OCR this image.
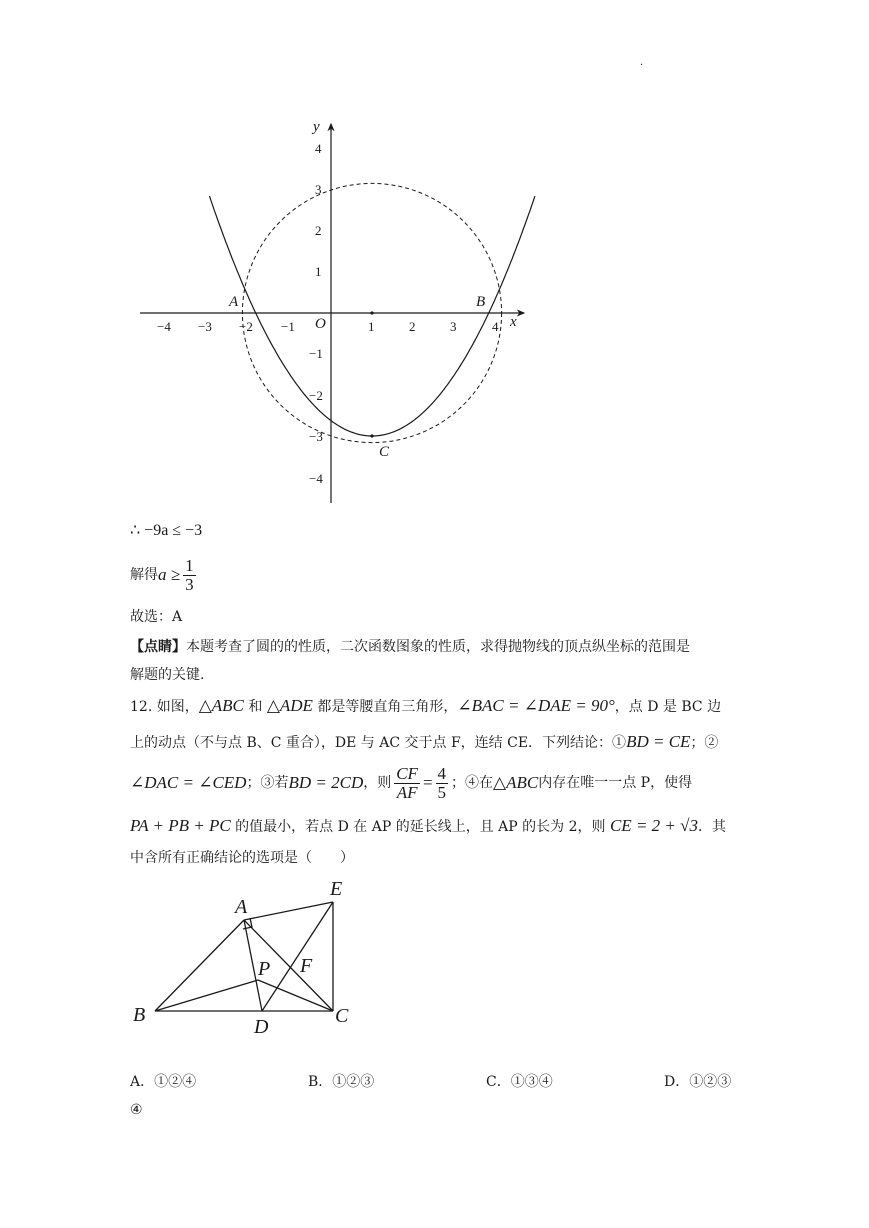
·
−4 −3 −2 −1	1	2	3	4
4
3
2
1
−1
−2
−3
−4
y
x
O
A	B
C
∴ −9a ≤ −3
解得 $a \ge \frac{1}{3}$
故选：A
【点睛】本题考查了圆的的性质，二次函数图象的性质，求得抛物线的顶点纵坐标的范围是
解题的关键.
12. 如图，△ABC 和 △ADE 都是等腰直角三角形，∠BAC = ∠DAE = 90°，点 D 是 BC 边
上的动点（不与点 B、C 重合），DE 与 AC 交于点 F，连结 CE．下列结论：①BD = CE；②
∠DAC = ∠CED ；③若 BD = 2CD ，则 $\frac{CF}{AF} = \frac{4}{5}$ ；④在 △ABC 内存在唯一一点 P，使得
PA + PB + PC 的值最小，若点 D 在 AP 的延长线上，且 AP 的长为 2，则 CE = 2 + √3．其
中含所有正确结论的选项是（　　）
A
E
B	C
D
P F
A．①②④	B．①②③	C．①③④	D．①②③
④
